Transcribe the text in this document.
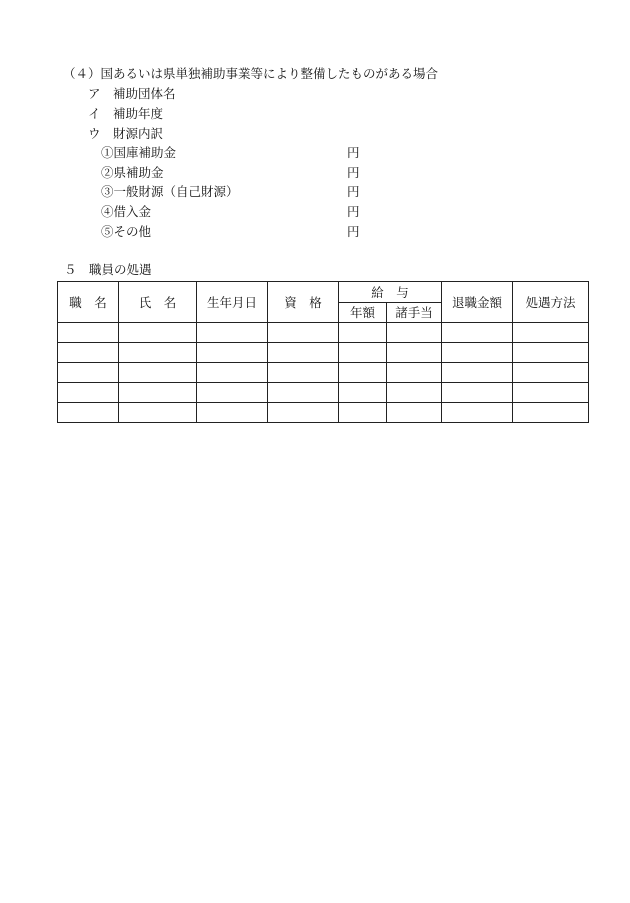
（４）国あるいは県単独補助事業等により整備したものがある場合
ア　補助団体名
イ　補助年度
ウ　財源内訳
①国庫補助金	円
②県補助金	円
③一般財源（自己財源）	円
④借入金	円
⑤その他	円
５　職員の処遇
職　名	氏　名	生年月日	資　格	給　与		退職金額	処遇方法
				年額	諸手当		
